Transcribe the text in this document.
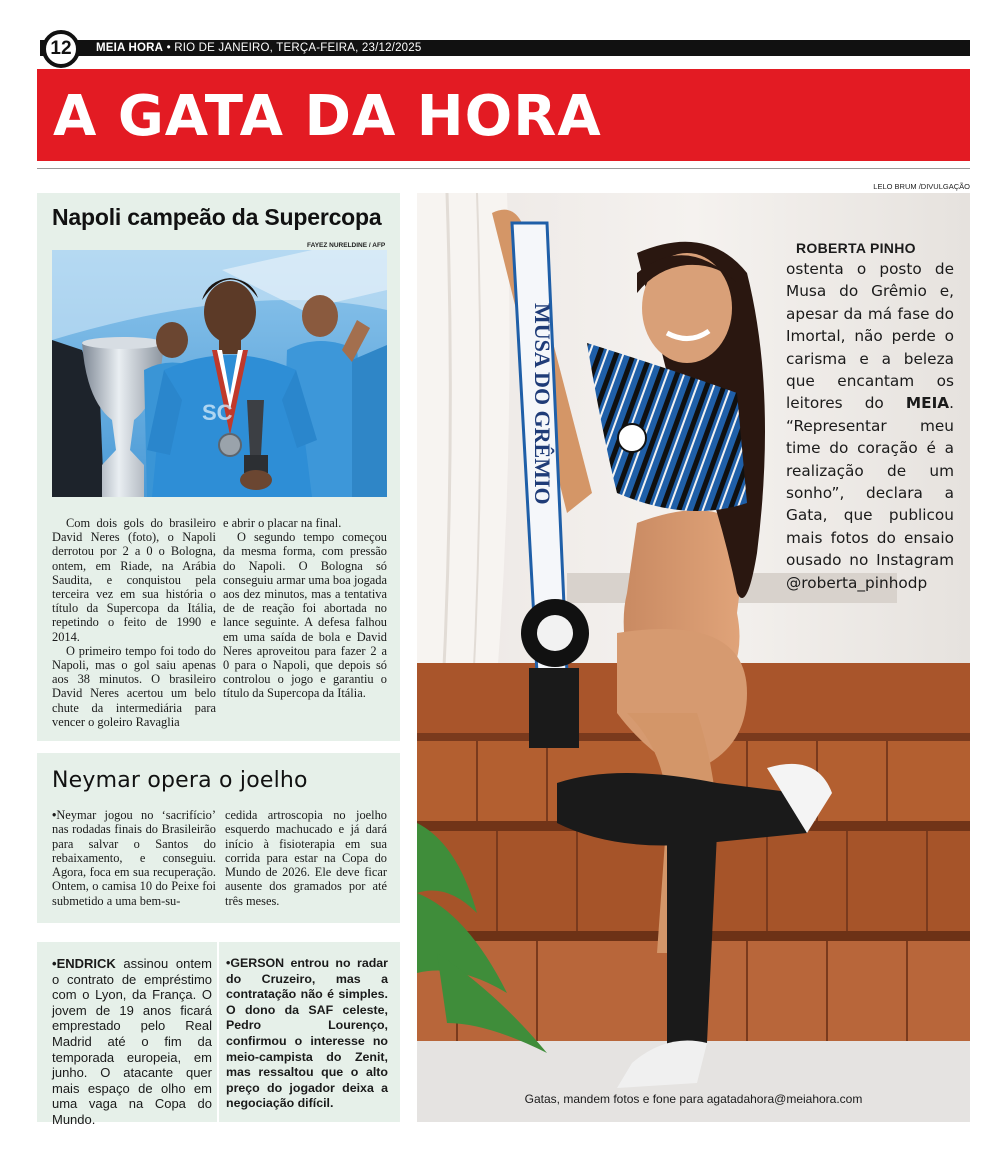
12	MEIA HORA • RIO DE JANEIRO, TERÇA-FEIRA, 23/12/2025
A GATA DA HORA
LELO BRUM /DIVULGAÇÃO
Napoli campeão da Supercopa
FAYEZ NURELDINE / AFP
SC

Com dois gols do brasileiro David Neres (foto), o Napoli derrotou por 2 a 0 o Bologna, ontem, em Riade, na Arábia Saudita, e conquistou pela terceira vez em sua história o título da Supercopa da Itália, repetindo o feito de 1990 e 2014.

O primeiro tempo foi todo do Napoli, mas o gol saiu apenas aos 38 minutos. O brasileiro David Neres acertou um belo chute da intermediária para vencer o goleiro Ravaglia

e abrir o placar na final.

O segundo tempo começou da mesma forma, com pressão do Napoli. O Bologna só conseguiu armar uma boa jogada aos dez minutos, mas a tentativa de de reação foi abortada no lance seguinte. A defesa falhou em uma saída de bola e David Neres aproveitou para fazer 2 a 0 para o Napoli, que depois só controlou o jogo e garantiu o título da Supercopa da Itália.

Neymar opera o joelho
•Neymar jogou no ‘sacrifício’ nas rodadas finais do Brasileirão para salvar o Santos do rebaixamento, e conseguiu. Agora, foca em sua recuperação. Ontem, o camisa 10 do Peixe foi submetido a uma bem-su-
cedida artroscopia no joelho esquerdo machucado e já dará início à fisioterapia em sua corrida para estar na Copa do Mundo de 2026. Ele deve ficar ausente dos gramados por até três meses.
•ENDRICK assinou ontem o contrato de empréstimo com o Lyon, da França. O jovem de 19 anos ficará emprestado pelo Real Madrid até o fim da temporada europeia, em junho. O atacante quer mais espaço de olho em uma vaga na Copa do Mundo.
•GERSON entrou no radar do Cruzeiro, mas a contratação não é simples. O dono da SAF celeste, Pedro Lourenço, confirmou o interesse no meio-campista do Zenit, mas ressaltou que o alto preço do jogador deixa a negociação difícil.
MUSA DO GRÊMIO
ROBERTA PINHO
ostenta o posto de Musa do Grêmio e, apesar da má fase do Imortal, não perde o carisma e a beleza que encantam os leitores do MEIA. “Representar meu time do coração é a realização de um sonho”, declara a Gata, que publicou mais fotos do ensaio ousado no Instagram @roberta_pinhodp
Gatas, mandem fotos e fone para agatadahora@meiahora.com
